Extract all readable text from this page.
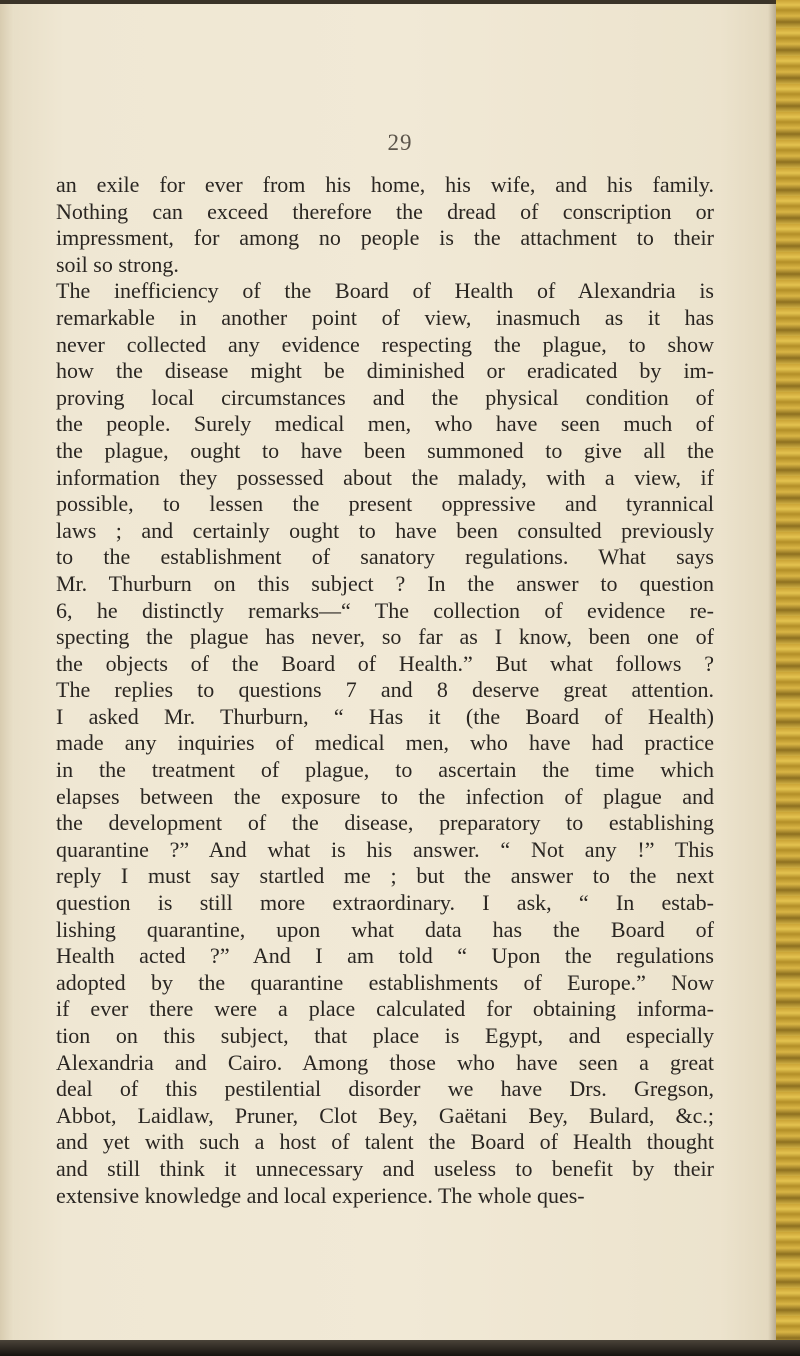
29
an exile for ever from his home, his wife, and his family.
Nothing can exceed therefore the dread of conscription or
impressment, for among no people is the attachment to their
soil so strong.
The inefficiency of the Board of Health of Alexandria is
remarkable in another point of view, inasmuch as it has
never collected any evidence respecting the plague, to show
how the disease might be diminished or eradicated by im-
proving local circumstances and the physical condition of
the people. Surely medical men, who have seen much of
the plague, ought to have been summoned to give all the
information they possessed about the malady, with a view, if
possible, to lessen the present oppressive and tyrannical
laws ; and certainly ought to have been consulted previously
to the establishment of sanatory regulations. What says
Mr. Thurburn on this subject ? In the answer to question
6, he distinctly remarks—“ The collection of evidence re-
specting the plague has never, so far as I know, been one of
the objects of the Board of Health.” But what follows ?
The replies to questions 7 and 8 deserve great attention.
I asked Mr. Thurburn, “ Has it (the Board of Health)
made any inquiries of medical men, who have had practice
in the treatment of plague, to ascertain the time which
elapses between the exposure to the infection of plague and
the development of the disease, preparatory to establishing
quarantine ?” And what is his answer. “ Not any !” This
reply I must say startled me ; but the answer to the next
question is still more extraordinary. I ask, “ In estab-
lishing quarantine, upon what data has the Board of
Health acted ?” And I am told “ Upon the regulations
adopted by the quarantine establishments of Europe.” Now
if ever there were a place calculated for obtaining informa-
tion on this subject, that place is Egypt, and especially
Alexandria and Cairo. Among those who have seen a great
deal of this pestilential disorder we have Drs. Gregson,
Abbot, Laidlaw, Pruner, Clot Bey, Gaëtani Bey, Bulard, &c.;
and yet with such a host of talent the Board of Health thought
and still think it unnecessary and useless to benefit by their
extensive knowledge and local experience. The whole ques-
